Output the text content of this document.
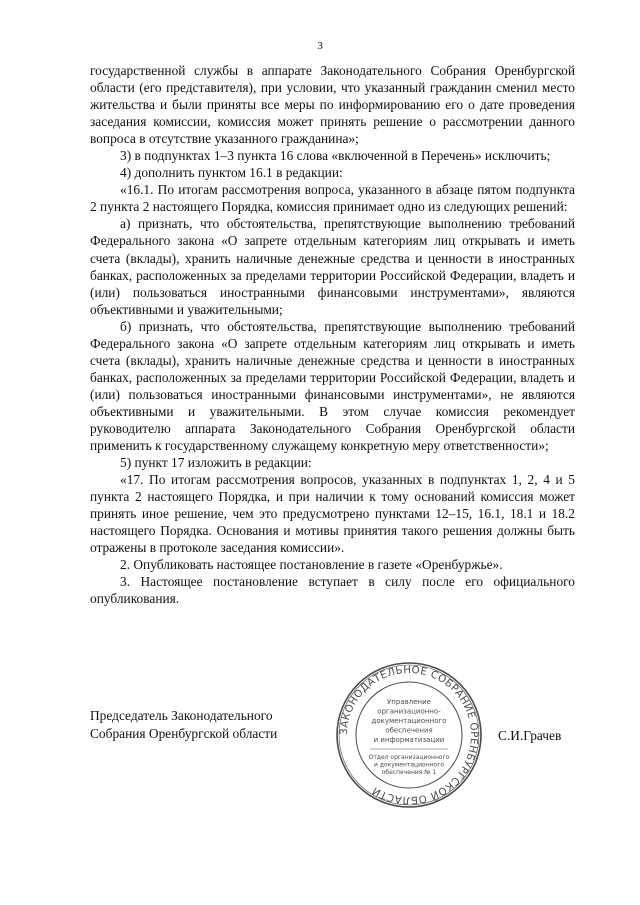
3

государственной службы в аппарате Законодательного Собрания Оренбургской области (его представителя), при условии, что указанный гражданин сменил место жительства и были приняты все меры по информированию его о дате проведения заседания комиссии, комиссия может принять решение о рассмотрении данного вопроса в отсутствие указанного гражданина»;

3) в подпунктах 1–3 пункта 16 слова «включенной в Перечень» исключить;

4) дополнить пунктом 16.1 в редакции:

«16.1. По итогам рассмотрения вопроса, указанного в абзаце пятом подпункта 2 пункта 2 настоящего Порядка, комиссия принимает одно из следующих решений:

а) признать, что обстоятельства, препятствующие выполнению требований Федерального закона «О запрете отдельным категориям лиц открывать и иметь счета (вклады), хранить наличные денежные средства и ценности в иностранных банках, расположенных за пределами территории Российской Федерации, владеть и (или) пользоваться иностранными финансовыми инструментами», являются объективными и уважительными;

б) признать, что обстоятельства, препятствующие выполнению требований Федерального закона «О запрете отдельным категориям лиц открывать и иметь счета (вклады), хранить наличные денежные средства и ценности в иностранных банках, расположенных за пределами территории Российской Федерации, владеть и (или) пользоваться иностранными финансовыми инструментами», не являются объективными и уважительными. В этом случае комиссия рекомендует руководителю аппарата Законодательного Собрания Оренбургской области применить к государственному служащему конкретную меру ответственности»;

5) пункт 17 изложить в редакции:

«17. По итогам рассмотрения вопросов, указанных в подпунктах 1, 2, 4 и 5 пункта 2 настоящего Порядка, и при наличии к тому оснований комиссия может принять иное решение, чем это предусмотрено пунктами 12–15, 16.1, 18.1 и 18.2 настоящего Порядка. Основания и мотивы принятия такого решения должны быть отражены в протоколе заседания комиссии».

2. Опубликовать настоящее постановление в газете «Оренбуржье».

3. Настоящее постановление вступает в силу после его официального опубликования.

Председатель Законодательного
Собрания Оренбургской области	С.И.Грачев
ЗАКОНОДАТЕЛЬНОЕ СОБРАНИЕ ОРЕНБУРГСКОЙ ОБЛАСТИ
Управление
организационно-
документационного
обеспечения
и информатизации
Отдел организационного
и документационного
обеспечения № 1
